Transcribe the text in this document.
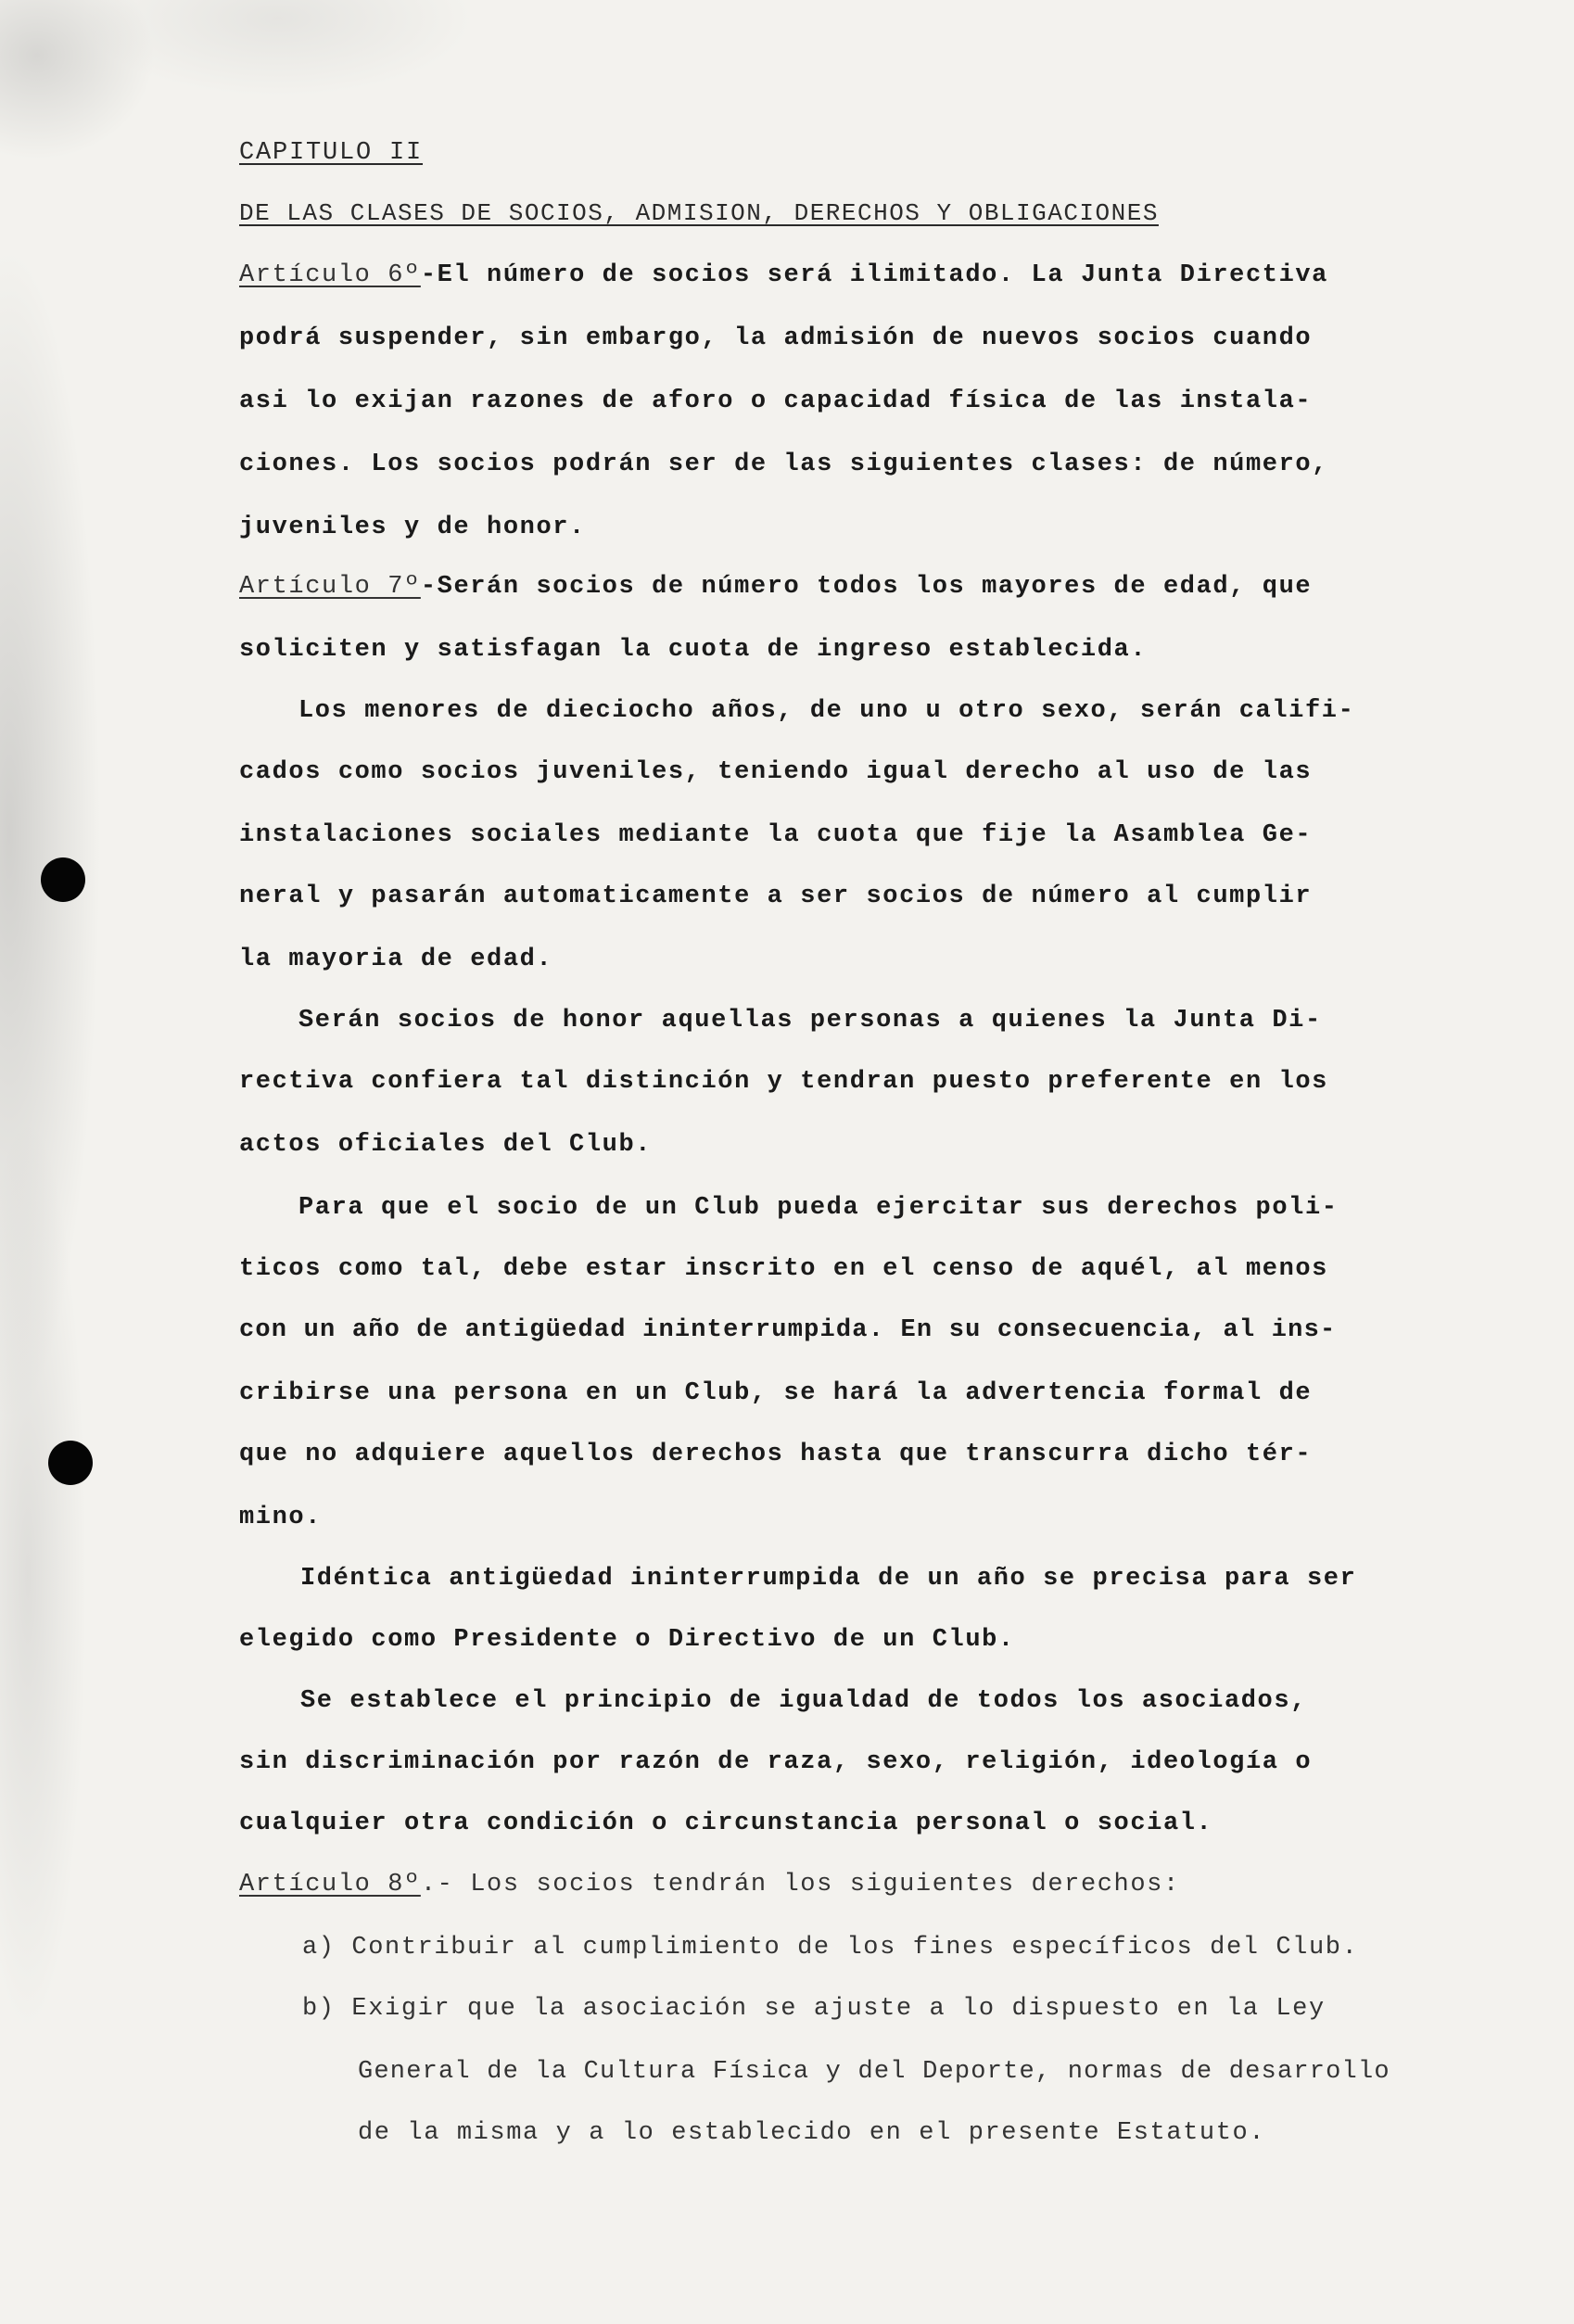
CAPITULO II
DE LAS CLASES DE SOCIOS, ADMISION, DERECHOS Y OBLIGACIONES
Artículo 6º-El número de socios será ilimitado. La Junta Directiva
podrá suspender, sin embargo, la admisión de nuevos socios cuando
asi lo exijan razones de aforo o capacidad física de las instala-
ciones. Los socios podrán ser de las siguientes clases: de número,
juveniles y de honor.
Artículo 7º-Serán socios de número todos los mayores de edad, que
soliciten y satisfagan la cuota de ingreso establecida.
Los menores de dieciocho años, de uno u otro sexo, serán califi-
cados como socios juveniles, teniendo igual derecho al uso de las
instalaciones sociales mediante la cuota que fije la Asamblea Ge-
neral y pasarán automaticamente a ser socios de número al cumplir
la mayoria de edad.
Serán socios de honor aquellas personas a quienes la Junta Di-
rectiva confiera tal distinción y tendran puesto preferente en los
actos oficiales del Club.
Para que el socio de un Club pueda ejercitar sus derechos poli-
ticos como tal, debe estar inscrito en el censo de aquél, al menos
con un año de antigüedad ininterrumpida. En su consecuencia, al ins-
cribirse una persona en un Club, se hará la advertencia formal de
que no adquiere aquellos derechos hasta que transcurra dicho tér-
mino.
Idéntica antigüedad ininterrumpida de un año se precisa para ser
elegido como Presidente o Directivo de un Club.
Se establece el principio de igualdad de todos los asociados,
sin discriminación por razón de raza, sexo, religión, ideología o
cualquier otra condición o circunstancia personal o social.
Artículo 8º.- Los socios tendrán los siguientes derechos:
a) Contribuir al cumplimiento de los fines específicos del Club.
b) Exigir que la asociación se ajuste a lo dispuesto en la Ley
General de la Cultura Física y del Deporte, normas de desarrollo
de la misma y a lo establecido en el presente Estatuto.
